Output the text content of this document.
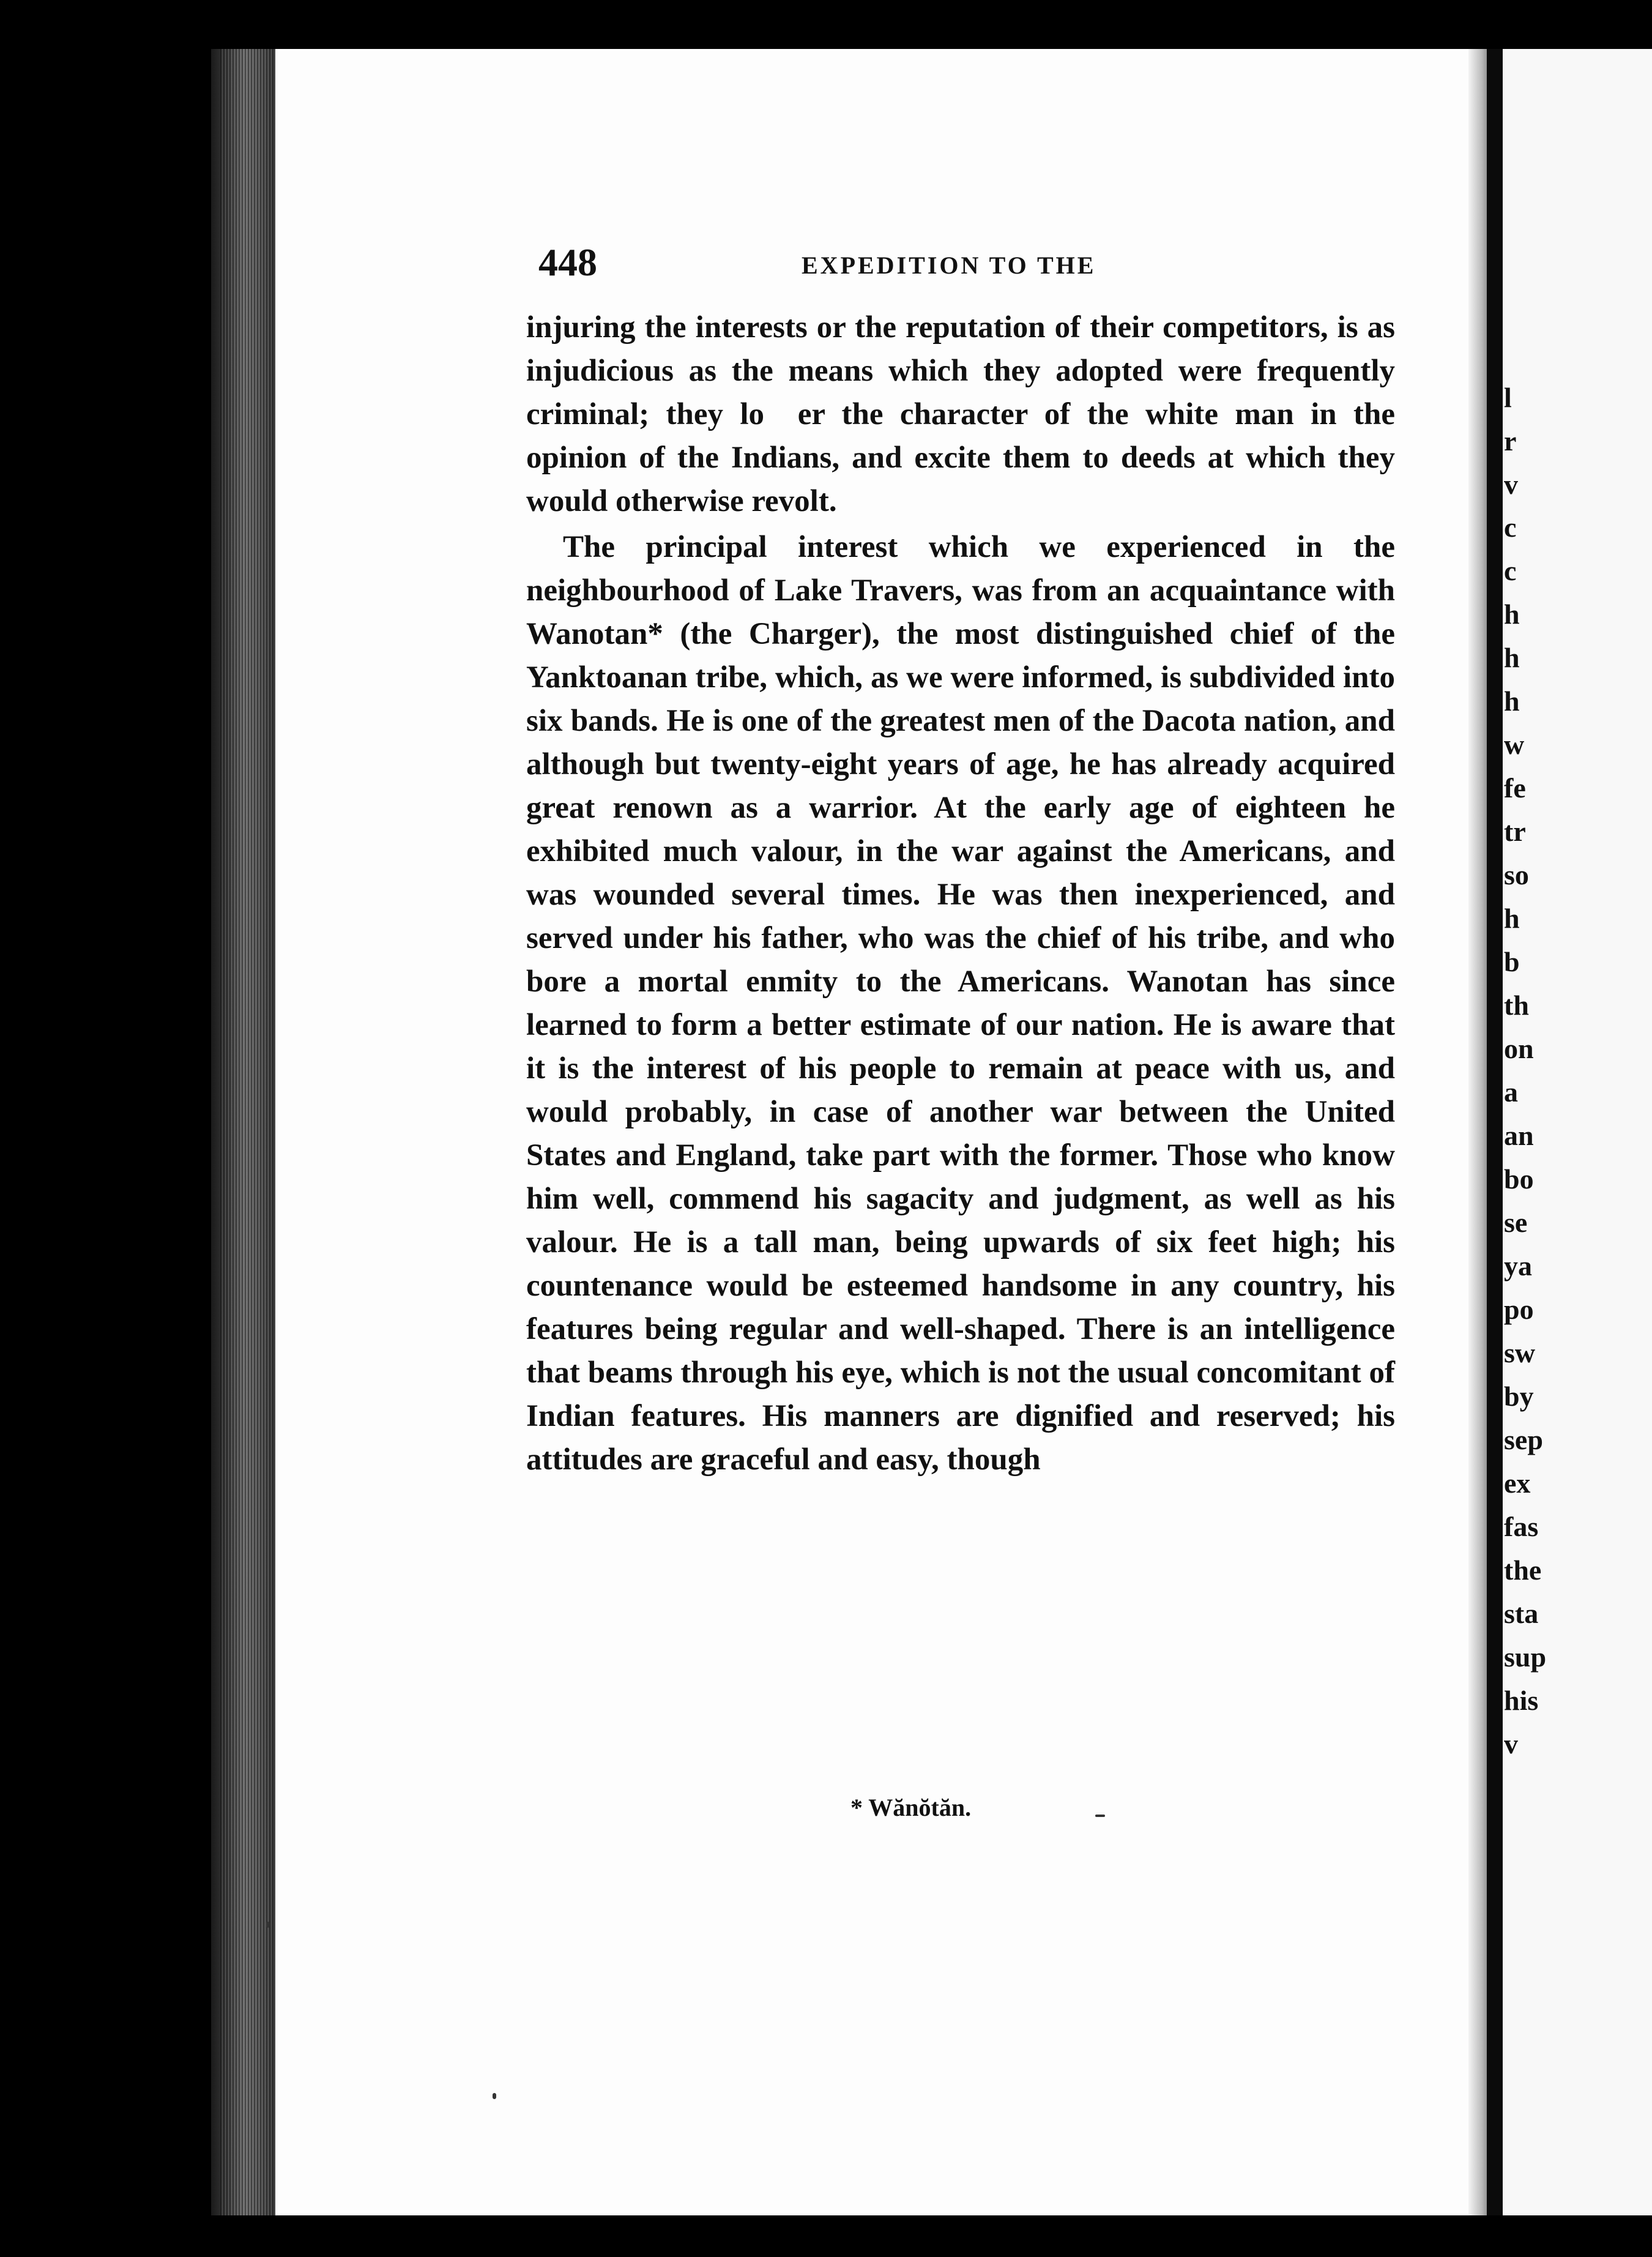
448	EXPEDITION TO THE

injuring the interests or the reputation of their competitors, is as injudicious as the means which they adopted were frequently criminal; they lo  er the character of the white man in the opinion of the Indians, and excite them to deeds at which they would otherwise revolt.

The principal interest which we experienced in the neighbourhood of Lake Travers, was from an acquaintance with Wanotan* (the Charger), the most distinguished chief of the Yanktoanan tribe, which, as we were informed, is subdivided into six bands. He is one of the greatest men of the Dacota nation, and although but twenty-eight years of age, he has already acquired great renown as a warrior. At the early age of eighteen he exhibited much valour, in the war against the Americans, and was wounded several times. He was then inexperienced, and served under his father, who was the chief of his tribe, and who bore a mortal enmity to the Americans. Wanotan has since learned to form a better estimate of our nation. He is aware that it is the interest of his people to remain at peace with us, and would probably, in case of another war between the United States and England, take part with the former. Those who know him well, commend his sagacity and judgment, as well as his valour. He is a tall man, being upwards of six feet high; his countenance would be esteemed handsome in any country, his features being regular and well-shaped. There is an intelligence that beams through his eye, which is not the usual concomitant of Indian features. His manners are dignified and reserved; his attitudes are graceful and easy, though

* Wănŏtăn.
l
r
v
c
c
h
h
h
w
fe
tr
so
h
b
th
on
a
an
bo
se
ya
po
sw
by
sep
ex
fas
the
sta
sup
his
v
